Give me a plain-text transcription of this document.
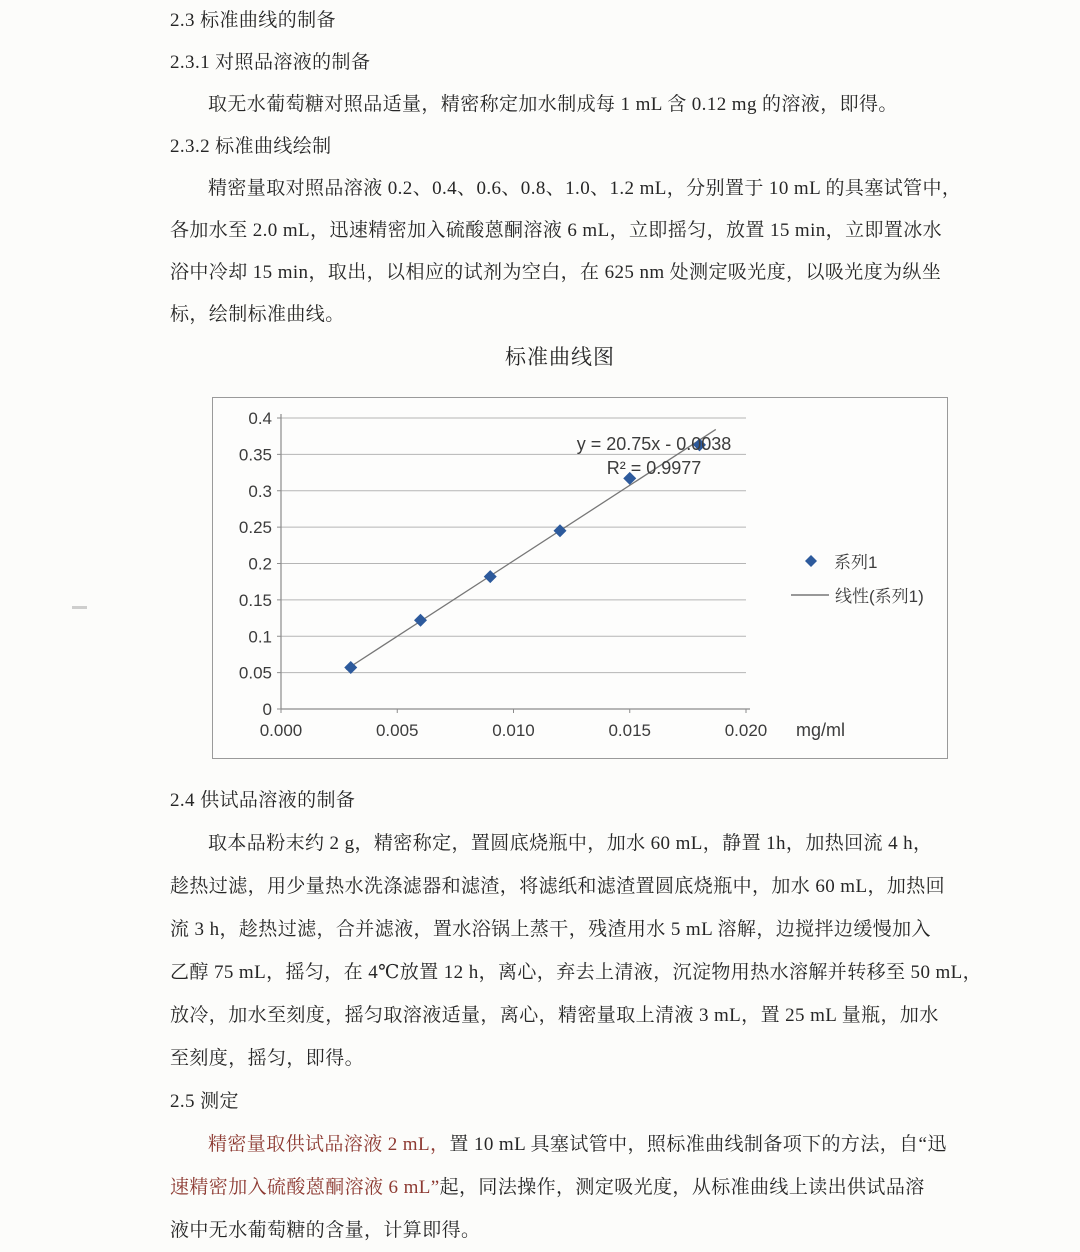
2.3 标准曲线的制备
2.3.1 对照品溶液的制备
取无水葡萄糖对照品适量，精密称定加水制成每 1 mL 含 0.12 mg 的溶液，即得。
2.3.2 标准曲线绘制
精密量取对照品溶液 0.2、0.4、0.6、0.8、1.0、1.2 mL，分别置于 10 mL 的具塞试管中，
各加水至 2.0 mL，迅速精密加入硫酸蒽酮溶液 6 mL，立即摇匀，放置 15 min，立即置冰水
浴中冷却 15 min，取出，以相应的试剂为空白，在 625 nm 处测定吸光度，以吸光度为纵坐
标，绘制标准曲线。
标准曲线图
0
0.05
0.1
0.15
0.2
0.25
0.3
0.35
0.4
0.000	0.005	0.010	0.015	0.020 mg/ml
y = 20.75x - 0.0038
R² = 0.9977
系列1
线性(系列1)
2.4 供试品溶液的制备
取本品粉末约 2 g，精密称定，置圆底烧瓶中，加水 60 mL，静置 1h，加热回流 4 h，
趁热过滤，用少量热水洗涤滤器和滤渣，将滤纸和滤渣置圆底烧瓶中，加水 60 mL，加热回
流 3 h，趁热过滤，合并滤液，置水浴锅上蒸干，残渣用水 5 mL 溶解，边搅拌边缓慢加入
乙醇 75 mL，摇匀，在 4℃放置 12 h，离心，弃去上清液，沉淀物用热水溶解并转移至 50 mL，
放冷，加水至刻度，摇匀取溶液适量，离心，精密量取上清液 3 mL，置 25 mL 量瓶，加水
至刻度，摇匀，即得。
2.5 测定
精密量取供试品溶液 2 mL，置 10 mL 具塞试管中，照标准曲线制备项下的方法，自“迅
速精密加入硫酸蒽酮溶液 6 mL”起，同法操作，测定吸光度，从标准曲线上读出供试品溶
液中无水葡萄糖的含量，计算即得。
